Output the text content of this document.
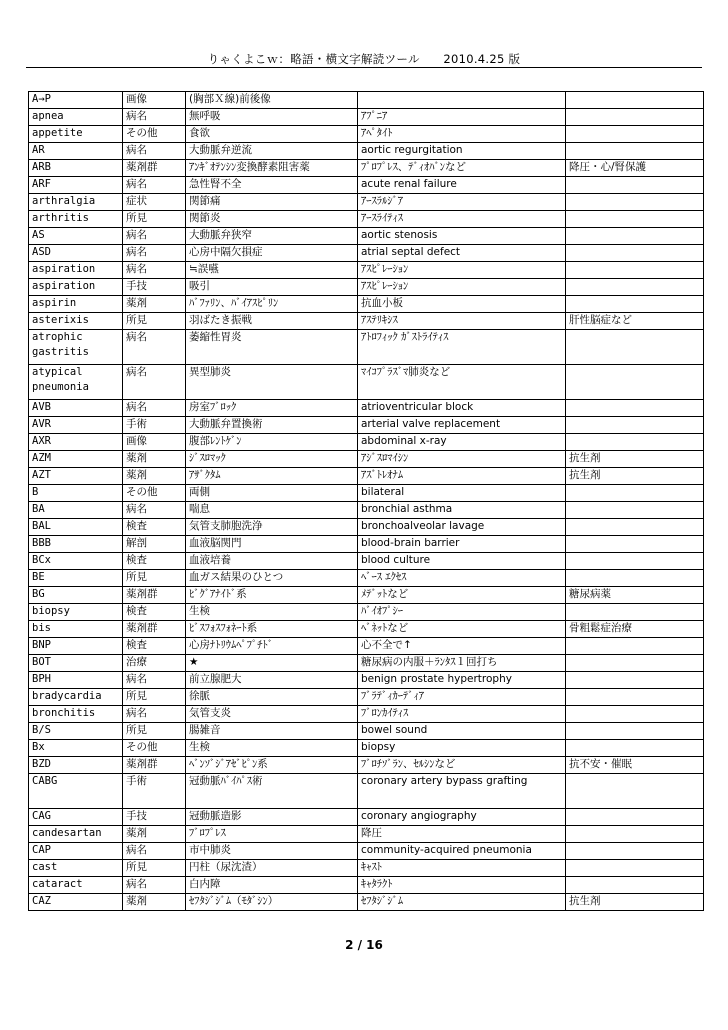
りゃくよこｗ：略語・横文字解読ツール　　2010.4.25 版
A→P	画像	(胸部Ｘ線)前後像		
apnea	病名	無呼吸	ｱﾌﾟﾆｱ	
appetite	その他	食欲	ｱﾍﾟﾀｲﾄ	
AR	病名	大動脈弁逆流	aortic regurgitation	
ARB	薬剤群	ｱﾝｷﾞｵﾃﾝｼﾝ変換酵素阻害薬	ﾌﾟﾛﾌﾟﾚｽ、ﾃﾞｨｵﾊﾞﾝなど	降圧・心/腎保護
ARF	病名	急性腎不全	acute renal failure	
arthralgia	症状	関節痛	ｱｰｽﾗﾙｼﾞｱ	
arthritis	所見	関節炎	ｱｰｽﾗｲﾃｨｽ	
AS	病名	大動脈弁狭窄	aortic stenosis	
ASD	病名	心房中隔欠損症	atrial septal defect	
aspiration	病名	≒誤嚥	ｱｽﾋﾟﾚｰｼｮﾝ	
aspiration	手技	吸引	ｱｽﾋﾟﾚｰｼｮﾝ	
aspirin	薬剤	ﾊﾞﾌｧﾘﾝ、ﾊﾞｲｱｽﾋﾟﾘﾝ	抗血小板	
asterixis	所見	羽ばたき振戦	ｱｽﾃﾘｷｼｽ	肝性脳症など
atrophic gastritis	病名	萎縮性胃炎	ｱﾄﾛﾌｨｯｸ ｶﾞｽﾄﾗｲﾃｨｽ	
atypical pneumonia	病名	異型肺炎	ﾏｲｺﾌﾟﾗｽﾞﾏ肺炎など	
AVB	病名	房室ﾌﾞﾛｯｸ	atrioventricular block	
AVR	手術	大動脈弁置換術	arterial valve replacement	
AXR	画像	腹部ﾚﾝﾄｹﾞﾝ	abdominal x-ray	
AZM	薬剤	ｼﾞｽﾛﾏｯｸ	ｱｼﾞｽﾛﾏｲｼﾝ	抗生剤
AZT	薬剤	ｱｻﾞｸﾀﾑ	ｱｽﾞﾄﾚｵﾅﾑ	抗生剤
B	その他	両側	bilateral	
BA	病名	喘息	bronchial asthma	
BAL	検査	気管支肺胞洗浄	bronchoalveolar lavage	
BBB	解剖	血液脳関門	blood-brain barrier	
BCx	検査	血液培養	blood culture	
BE	所見	血ガス結果のひとつ	ﾍﾞｰｽ ｴｸｾｽ	
BG	薬剤群	ﾋﾞｸﾞｱﾅｲﾄﾞ系	ﾒﾃﾞｯﾄなど	糖尿病薬
biopsy	検査	生検	ﾊﾞｲｵﾌﾟｼｰ	
bis	薬剤群	ﾋﾞｽﾌｫｽﾌｫﾈｰﾄ系	ﾍﾞﾈｯﾄなど	骨粗鬆症治療
BNP	検査	心房ﾅﾄﾘｳﾑﾍﾟﾌﾟﾁﾄﾞ	心不全で↑	
BOT	治療	★	糖尿病の内服＋ﾗﾝﾀｽ１回打ち	
BPH	病名	前立腺肥大	benign prostate hypertrophy	
bradycardia	所見	徐脈	ﾌﾞﾗﾃﾞｨｶｰﾃﾞｨｱ	
bronchitis	病名	気管支炎	ﾌﾞﾛﾝｶｲﾃｨｽ	
B/S	所見	腸雑音	bowel sound	
Bx	その他	生検	biopsy	
BZD	薬剤群	ﾍﾞﾝｿﾞｼﾞｱｾﾞﾋﾟﾝ系	ﾌﾞﾛﾁｿﾞﾗﾝ、ｾﾙｼﾝなど	抗不安・催眠
CABG	手術	冠動脈ﾊﾞｲﾊﾟｽ術	coronary artery bypass grafting	
CAG	手技	冠動脈造影	coronary angiography	
candesartan	薬剤	ﾌﾞﾛﾌﾟﾚｽ	降圧	
CAP	病名	市中肺炎	community-acquired pneumonia	
cast	所見	円柱（尿沈渣）	ｷｬｽﾄ	
cataract	病名	白内障	ｷｬﾀﾗｸﾄ	
CAZ	薬剤	ｾﾌﾀｼﾞｼﾞﾑ（ﾓﾀﾞｼﾝ）	ｾﾌﾀｼﾞｼﾞﾑ	抗生剤
2 / 16
